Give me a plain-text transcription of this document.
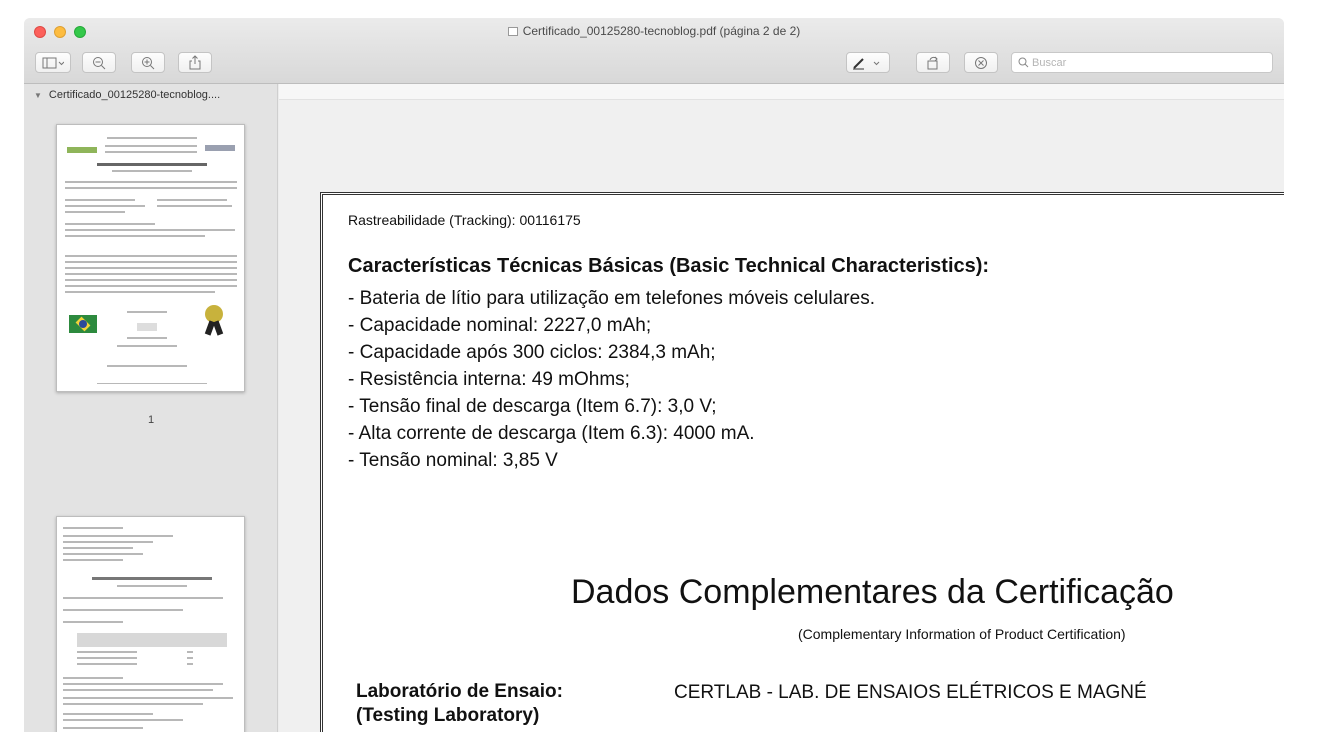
Certificado_00125280-tecnoblog.pdf (página 2 de 2)
Buscar
▼ Certificado_00125280-tecnoblog....
1
Rastreabilidade (Tracking): 00116175
Características Técnicas Básicas (Basic Technical Characteristics):
- Bateria de lítio para utilização em telefones móveis celulares.
- Capacidade nominal: 2227,0 mAh;
- Capacidade após 300 ciclos: 2384,3 mAh;
- Resistência interna: 49 mOhms;
- Tensão final de descarga (Item 6.7): 3,0 V;
- Alta corrente de descarga (Item 6.3): 4000 mA.
- Tensão nominal: 3,85 V
Dados Complementares da Certificação
(Complementary Information of Product Certification)
Laboratório de Ensaio:	CERTLAB - LAB. DE ENSAIOS ELÉTRICOS E MAGNÉ
(Testing Laboratory)
